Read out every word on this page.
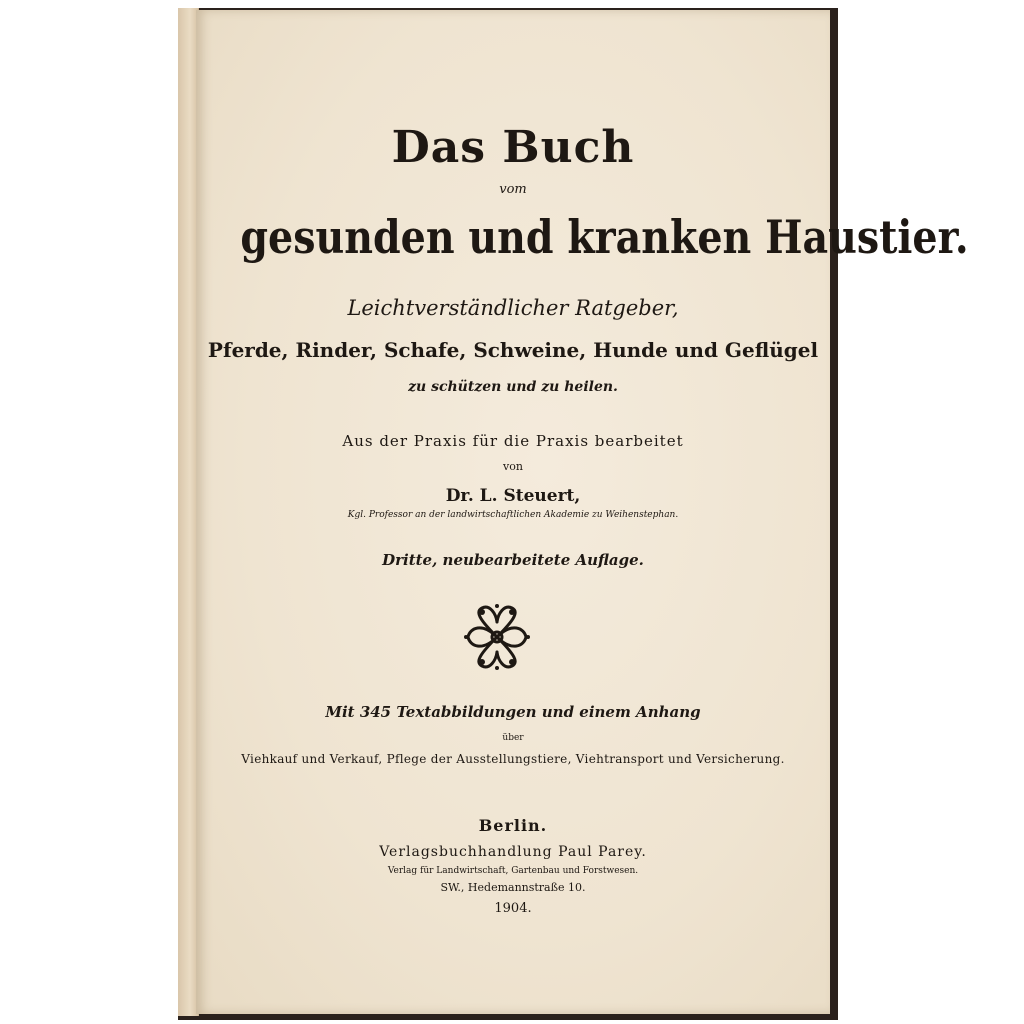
Das Buch
vom
gesunden und kranken Haustier.
Leichtverständlicher Ratgeber,
Pferde, Rinder, Schafe, Schweine, Hunde und Geflügel
zu schützen und zu heilen.
Aus der Praxis für die Praxis bearbeitet
von
Dr. L. Steuert,
Kgl. Professor an der landwirtschaftlichen Akademie zu Weihenstephan.
Dritte, neubearbeitete Auflage.
Mit 345 Textabbildungen und einem Anhang
über
Viehkauf und Verkauf, Pflege der Ausstellungstiere, Viehtransport und Versicherung.
Berlin.
Verlagsbuchhandlung Paul Parey.
Verlag für Landwirtschaft, Gartenbau und Forstwesen.
SW., Hedemannstraße 10.
1904.
